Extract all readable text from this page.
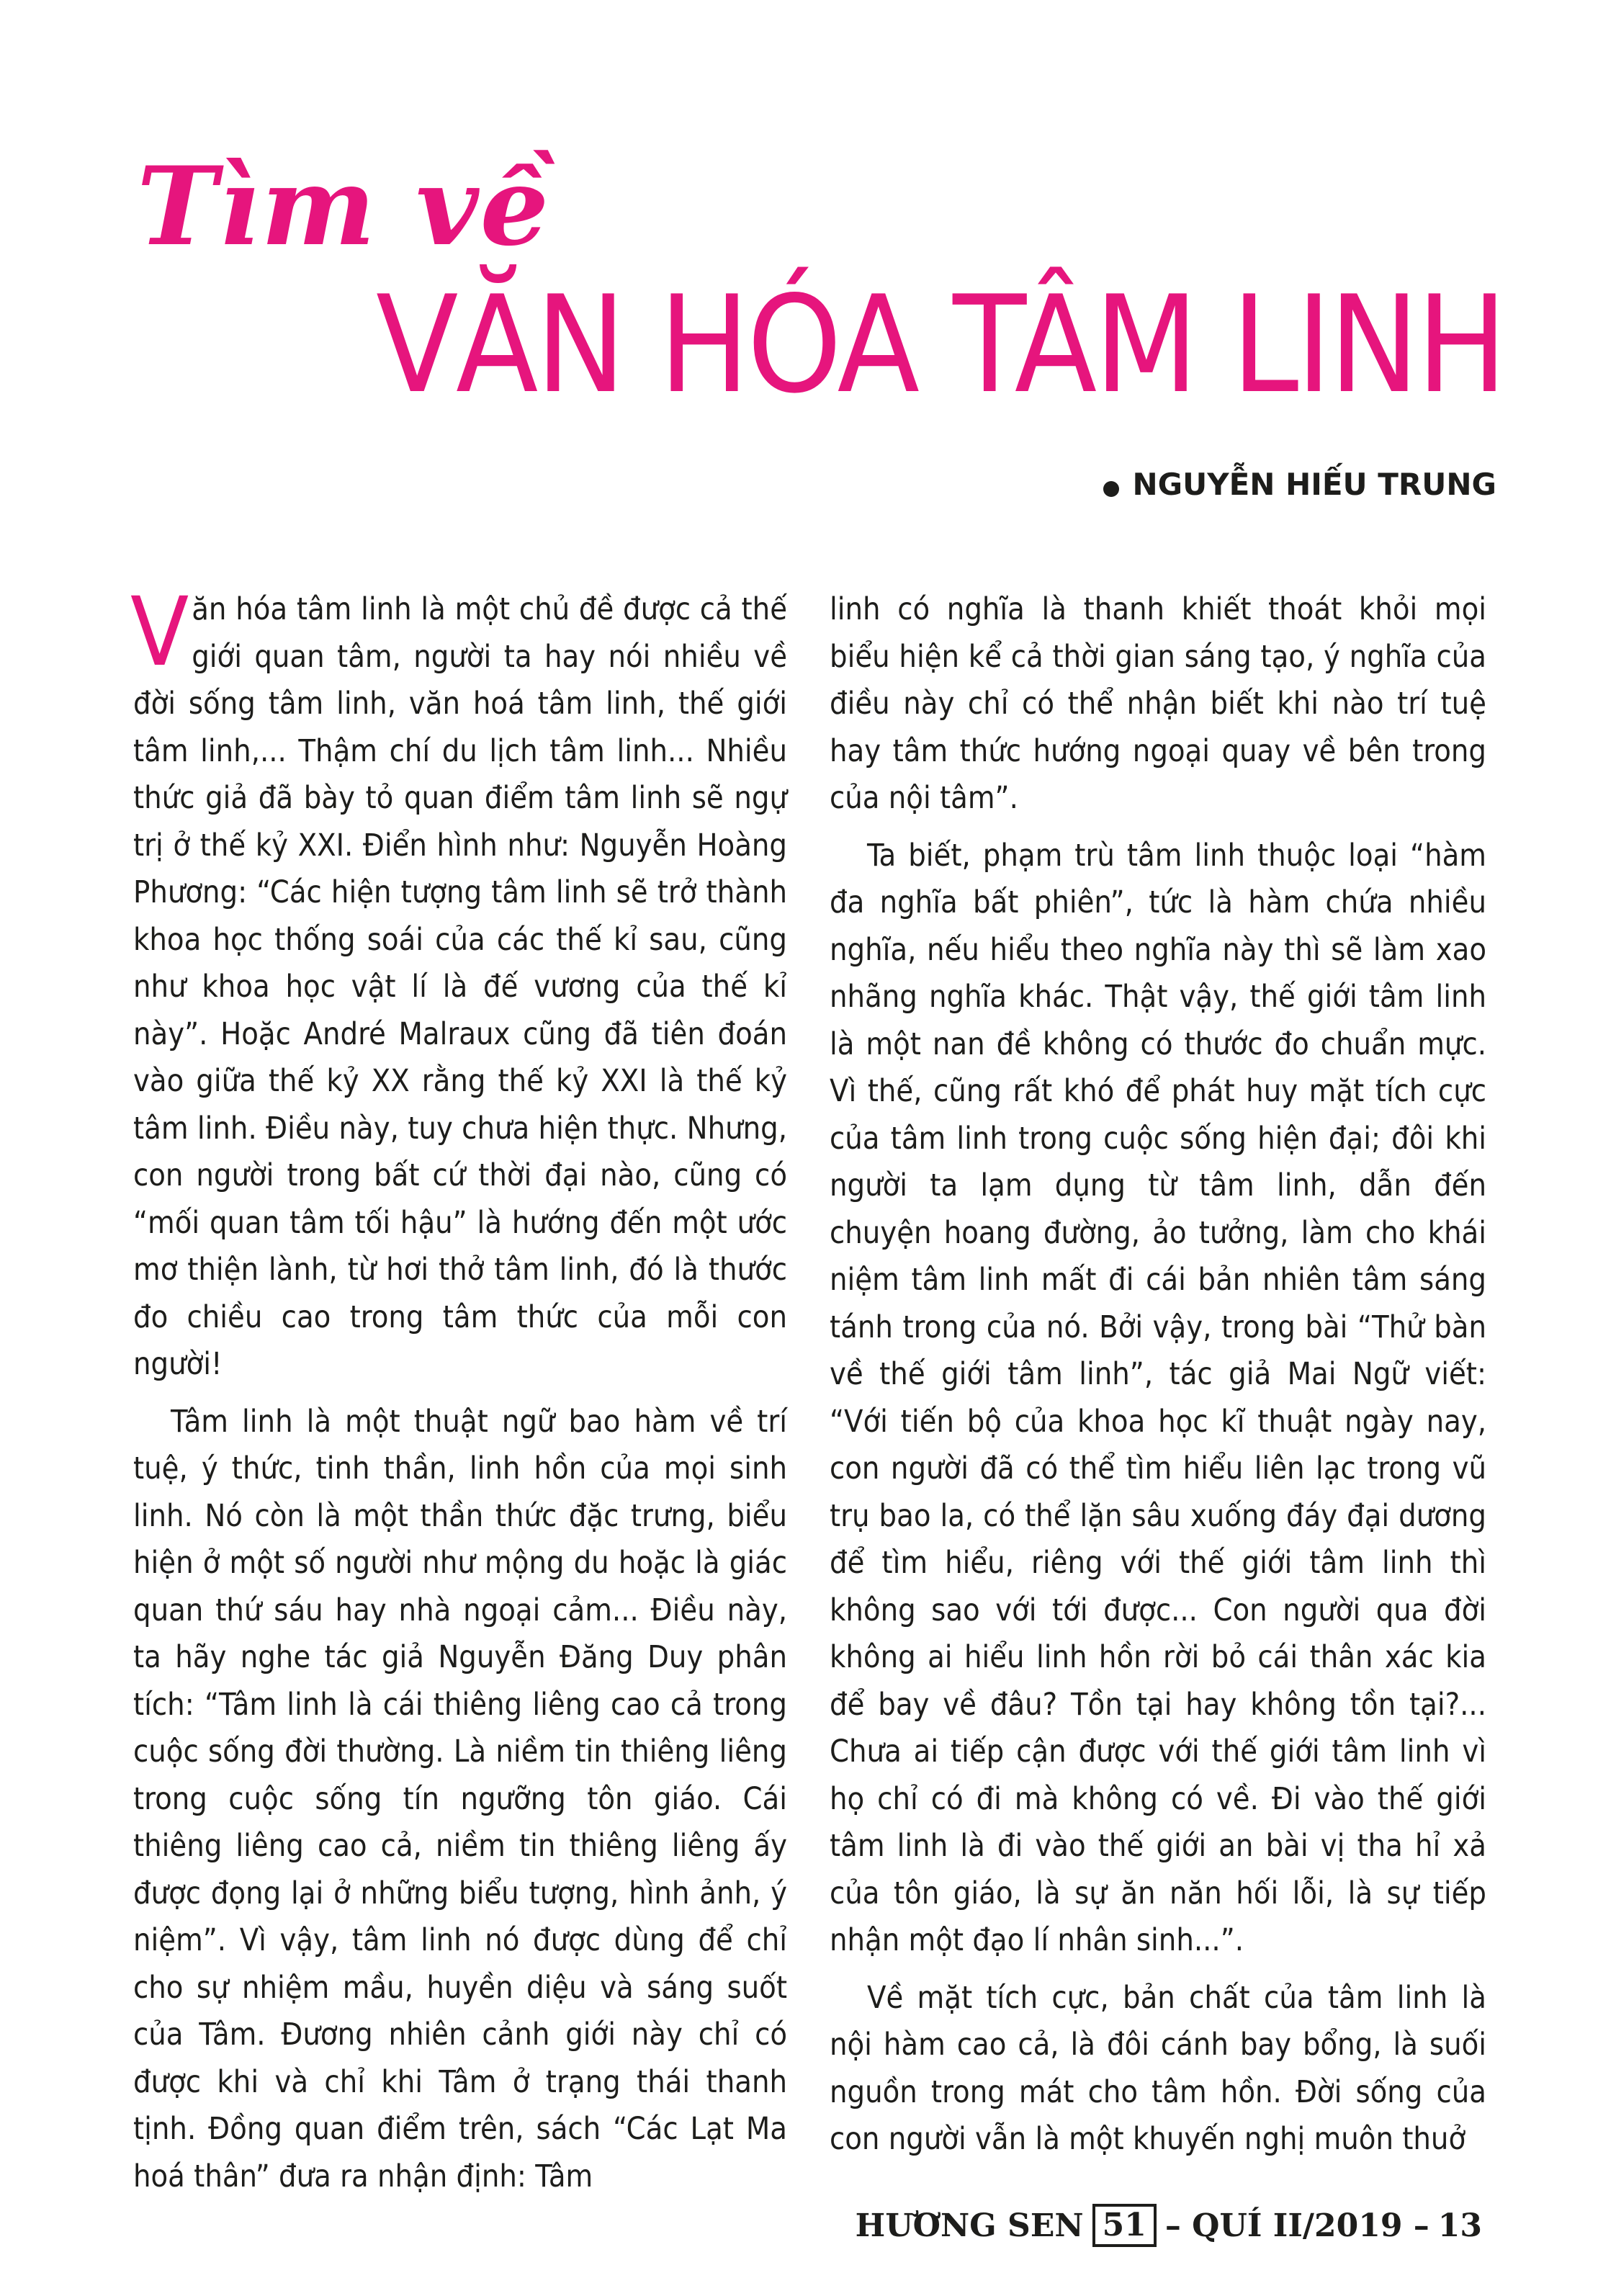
Tìm về
VĂN HÓA TÂM LINH
NGUYỄN HIẾU TRUNG

Văn hóa tâm linh là một chủ đề được cả thế giới quan tâm, người ta hay nói nhiều về đời sống tâm linh, văn hoá tâm linh, thế giới tâm linh,... Thậm chí du lịch tâm linh... Nhiều thức giả đã bày tỏ quan điểm tâm linh sẽ ngự trị ở thế kỷ XXI. Điển hình như: Nguyễn Hoàng Phương: “Các hiện tượng tâm linh sẽ trở thành khoa học thống soái của các thế kỉ sau, cũng như khoa học vật lí là đế vương của thế kỉ này”. Hoặc André Malraux cũng đã tiên đoán vào giữa thế kỷ XX rằng thế kỷ XXI là thế kỷ tâm linh. Điều này, tuy chưa hiện thực. Nhưng, con người trong bất cứ thời đại nào, cũng có “mối quan tâm tối hậu” là hướng đến một ước mơ thiện lành, từ hơi thở tâm linh, đó là thước đo chiều cao trong tâm thức của mỗi con người!

Tâm linh là một thuật ngữ bao hàm về trí tuệ, ý thức, tinh thần, linh hồn của mọi sinh linh. Nó còn là một thần thức đặc trưng, biểu hiện ở một số người như mộng du hoặc là giác quan thứ sáu hay nhà ngoại cảm... Điều này, ta hãy nghe tác giả Nguyễn Đăng Duy phân tích: “Tâm linh là cái thiêng liêng cao cả trong cuộc sống đời thường. Là niềm tin thiêng liêng trong cuộc sống tín ngưỡng tôn giáo. Cái thiêng liêng cao cả, niềm tin thiêng liêng ấy được đọng lại ở những biểu tượng, hình ảnh, ý niệm”. Vì vậy, tâm linh nó được dùng để chỉ cho sự nhiệm mầu, huyền diệu và sáng suốt của Tâm. Đương nhiên cảnh giới này chỉ có được khi và chỉ khi Tâm ở trạng thái thanh tịnh. Đồng quan điểm trên, sách “Các Lạt Ma hoá thân” đưa ra nhận định: Tâm

linh có nghĩa là thanh khiết thoát khỏi mọi biểu hiện kể cả thời gian sáng tạo, ý nghĩa của điều này chỉ có thể nhận biết khi nào trí tuệ hay tâm thức hướng ngoại quay về bên trong của nội tâm”.

Ta biết, phạm trù tâm linh thuộc loại “hàm đa nghĩa bất phiên”, tức là hàm chứa nhiều nghĩa, nếu hiểu theo nghĩa này thì sẽ làm xao nhãng nghĩa khác. Thật vậy, thế giới tâm linh là một nan đề không có thước đo chuẩn mực. Vì thế, cũng rất khó để phát huy mặt tích cực của tâm linh trong cuộc sống hiện đại; đôi khi người ta lạm dụng từ tâm linh, dẫn đến chuyện hoang đường, ảo tưởng, làm cho khái niệm tâm linh mất đi cái bản nhiên tâm sáng tánh trong của nó. Bởi vậy, trong bài “Thử bàn về thế giới tâm linh”, tác giả Mai Ngữ viết: “Với tiến bộ của khoa học kĩ thuật ngày nay, con người đã có thể tìm hiểu liên lạc trong vũ trụ bao la, có thể lặn sâu xuống đáy đại dương để tìm hiểu, riêng với thế giới tâm linh thì không sao với tới được... Con người qua đời không ai hiểu linh hồn rời bỏ cái thân xác kia để bay về đâu? Tồn tại hay không tồn tại?... Chưa ai tiếp cận được với thế giới tâm linh vì họ chỉ có đi mà không có về. Đi vào thế giới tâm linh là đi vào thế giới an bài vị tha hỉ xả của tôn giáo, là sự ăn năn hối lỗi, là sự tiếp nhận một đạo lí nhân sinh...”.

Về mặt tích cực, bản chất của tâm linh là nội hàm cao cả, là đôi cánh bay bổng, là suối nguồn trong mát cho tâm hồn. Đời sống của con người vẫn là một khuyến nghị muôn thuở

HƯƠNG SEN 51 – QUÍ II/2019 – 13
